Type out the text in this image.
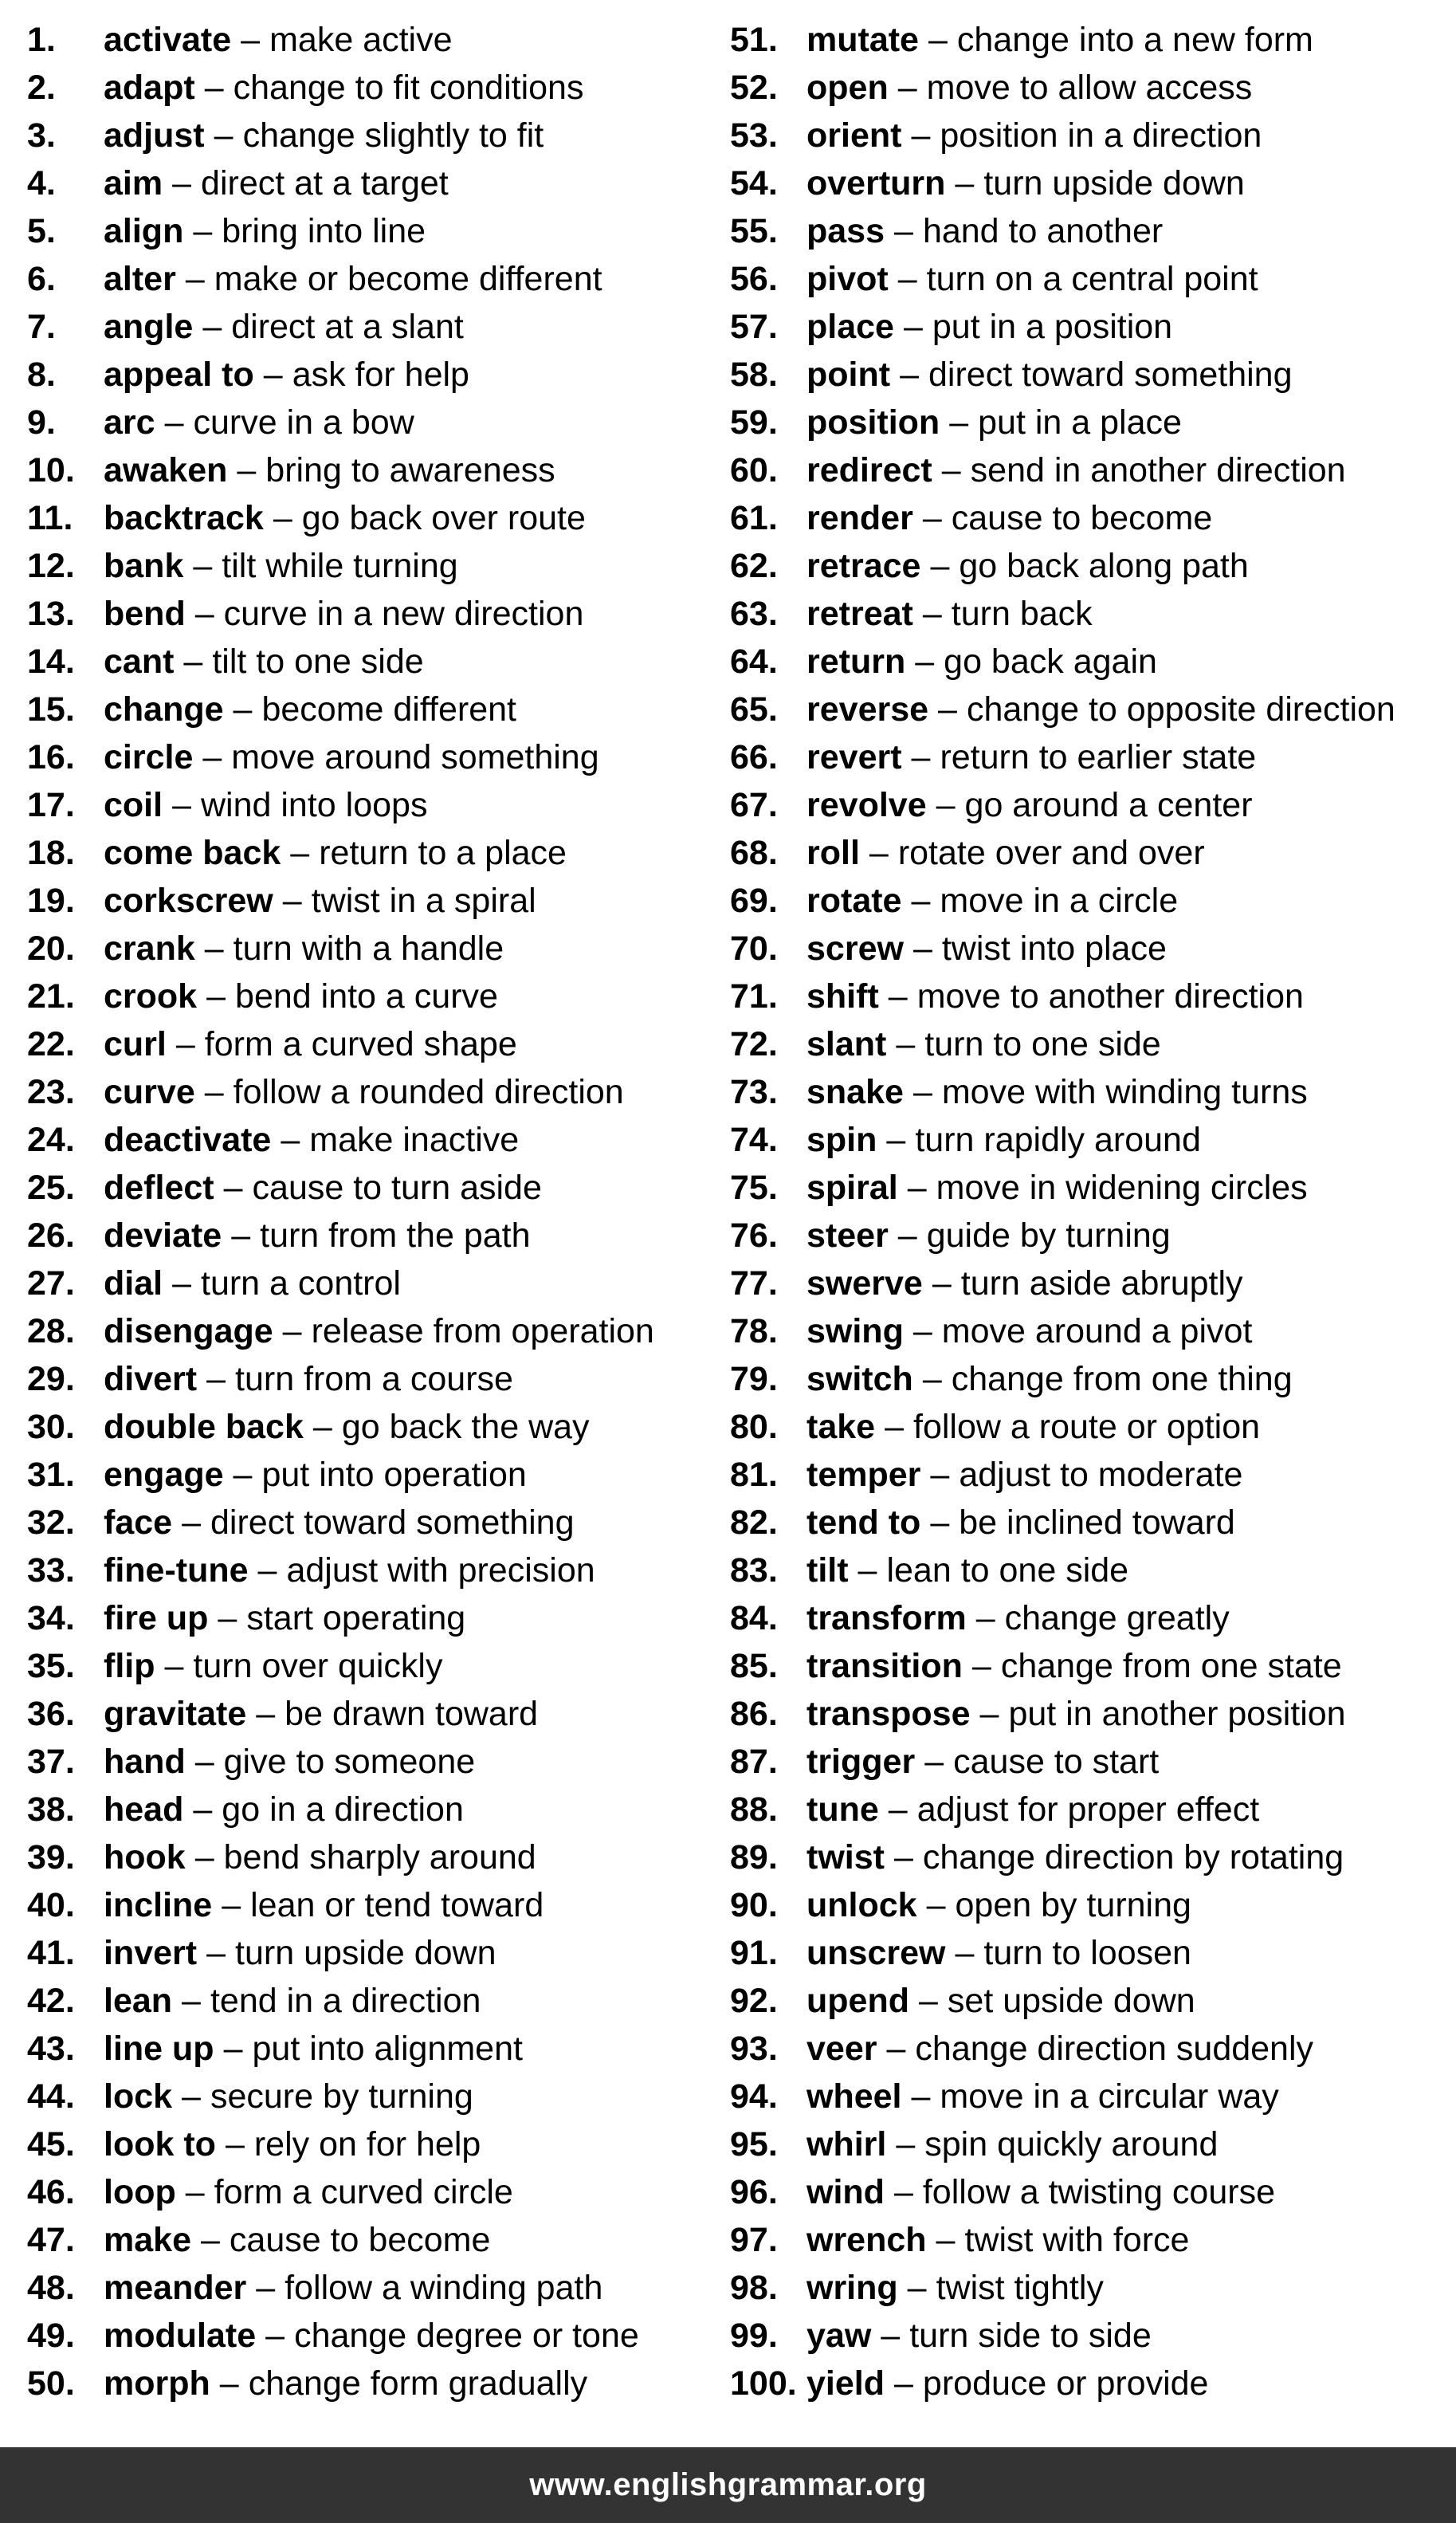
1.	activate – make active
2.	adapt – change to fit conditions
3.	adjust – change slightly to fit
4.	aim – direct at a target
5.	align – bring into line
6.	alter – make or become different
7.	angle – direct at a slant
8.	appeal to – ask for help
9.	arc – curve in a bow
10. awaken – bring to awareness
11. backtrack – go back over route
12. bank – tilt while turning
13. bend – curve in a new direction
14. cant – tilt to one side
15. change – become different
16. circle – move around something
17. coil – wind into loops
18. come back – return to a place
19. corkscrew – twist in a spiral
20. crank – turn with a handle
21. crook – bend into a curve
22. curl – form a curved shape
23. curve – follow a rounded direction
24. deactivate – make inactive
25. deflect – cause to turn aside
26. deviate – turn from the path
27. dial – turn a control
28. disengage – release from operation
29. divert – turn from a course
30. double back – go back the way
31. engage – put into operation
32. face – direct toward something
33. fine-tune – adjust with precision
34. fire up – start operating
35. flip – turn over quickly
36. gravitate – be drawn toward
37. hand – give to someone
38. head – go in a direction
39. hook – bend sharply around
40. incline – lean or tend toward
41. invert – turn upside down
42. lean – tend in a direction
43. line up – put into alignment
44. lock – secure by turning
45. look to – rely on for help
46. loop – form a curved circle
47. make – cause to become
48. meander – follow a winding path
49. modulate – change degree or tone
50. morph – change form gradually
51. mutate – change into a new form
52. open – move to allow access
53. orient – position in a direction
54. overturn – turn upside down
55. pass – hand to another
56. pivot – turn on a central point
57. place – put in a position
58. point – direct toward something
59. position – put in a place
60. redirect – send in another direction
61. render – cause to become
62. retrace – go back along path
63. retreat – turn back
64. return – go back again
65. reverse – change to opposite direction
66. revert – return to earlier state
67. revolve – go around a center
68. roll – rotate over and over
69. rotate – move in a circle
70. screw – twist into place
71. shift – move to another direction
72. slant – turn to one side
73. snake – move with winding turns
74. spin – turn rapidly around
75. spiral – move in widening circles
76. steer – guide by turning
77. swerve – turn aside abruptly
78. swing – move around a pivot
79. switch – change from one thing
80. take – follow a route or option
81. temper – adjust to moderate
82. tend to – be inclined toward
83. tilt – lean to one side
84. transform – change greatly
85. transition – change from one state
86. transpose – put in another position
87. trigger – cause to start
88. tune – adjust for proper effect
89. twist – change direction by rotating
90. unlock – open by turning
91. unscrew – turn to loosen
92. upend – set upside down
93. veer – change direction suddenly
94. wheel – move in a circular way
95. whirl – spin quickly around
96. wind – follow a twisting course
97. wrench – twist with force
98. wring – twist tightly
99. yaw – turn side to side
100. yield – produce or provide
www.englishgrammar.org
